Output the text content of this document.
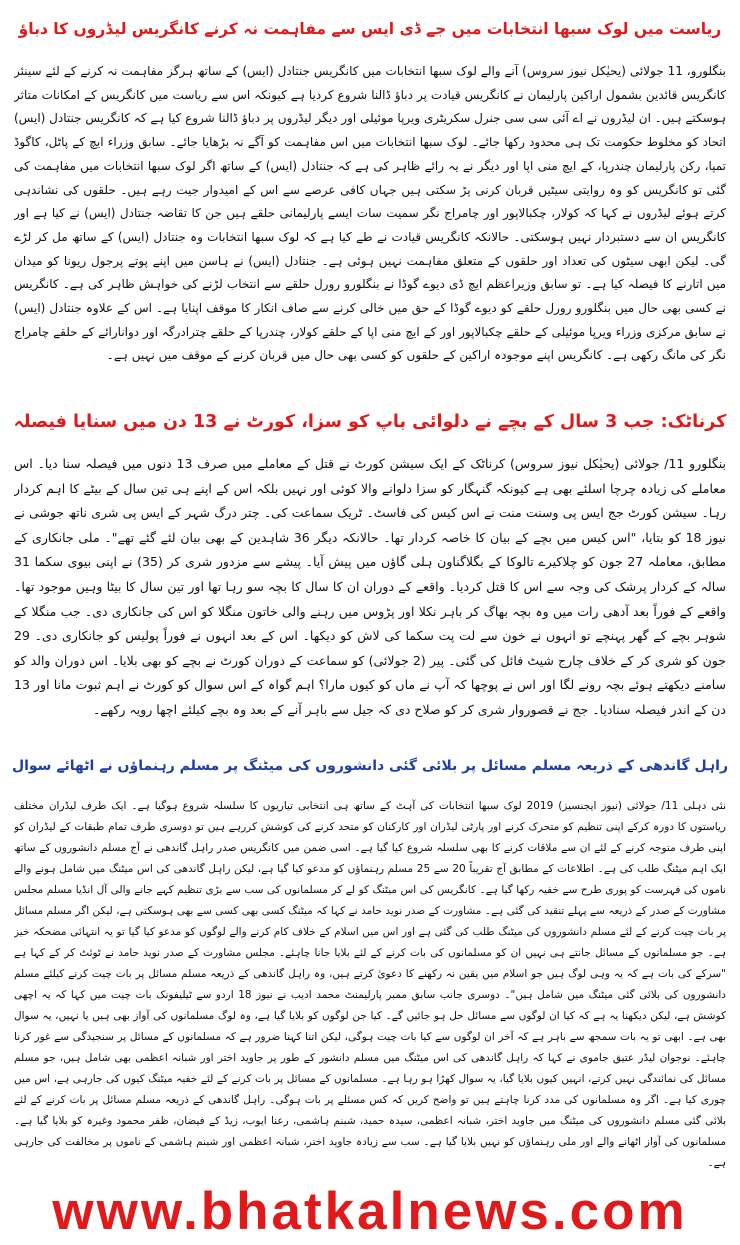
ریاست میں لوک سبھا انتخابات میں جے ڈی ایس سے مفاہمت نہ کرنے کانگریس لیڈروں کا دباؤ

بنگلورو، 11 جولائی (یحیٰکل نیوز سروس) آنے والے لوک سبھا انتخابات میں کانگریس جنتادل (ایس) کے ساتھ ہرگز مفاہمت نہ کرنے کے لئے سینئر کانگریس قائدین بشمول اراکین پارلیمان نے کانگریس قیادت پر دباؤ ڈالنا شروع کردیا ہے کیونکہ اس سے ریاست میں کانگریس کے امکانات متاثر ہوسکتے ہیں۔ ان لیڈروں نے اے آئی سی سی جنرل سکریٹری ویرپا موئیلی اور دیگر لیڈروں پر دباؤ ڈالنا شروع کیا ہے کہ کانگریس جنتادل (ایس) اتحاد کو مخلوط حکومت تک ہی محدود رکھا جائے۔ لوک سبھا انتخابات میں اس مفاہمت کو آگے نہ بڑھایا جائے۔ سابق وزراء ایچ کے پاٹل، کاگوڈ تمپا، رکن پارلیمان چندرپا، کے ایچ منی اپا اور دیگر نے یہ رائے ظاہر کی ہے کہ جنتادل (ایس) کے ساتھ اگر لوک سبھا انتخابات میں مفاہمت کی گئی تو کانگریس کو وہ روایتی سیٹیں قربان کرنی پڑ سکتی ہیں جہاں کافی عرصے سے اس کے امیدوار جیت رہے ہیں۔ حلقوں کی نشاندہی کرتے ہوئے لیڈروں نے کہا کہ کولار، چکبالاپور اور چامراج نگر سمیت سات ایسے پارلیمانی حلقے ہیں جن کا تقاضہ جنتادل (ایس) نے کیا ہے اور کانگریس ان سے دستبردار نہیں ہوسکتی۔ حالانکہ کانگریس قیادت نے طے کیا ہے کہ لوک سبھا انتخابات وہ جنتادل (ایس) کے ساتھ مل کر لڑے گی۔ لیکن ابھی سیٹوں کی تعداد اور حلقوں کے متعلق مفاہمت نہیں ہوئی ہے۔ جنتادل (ایس) نے ہاسن میں اپنے پوتے پرجول ریونا کو میدان میں اتارنے کا فیصلہ کیا ہے۔ تو سابق وزیراعظم ایچ ڈی دیوے گوڈا نے بنگلورو رورل حلقے سے انتخاب لڑنے کی خواہش ظاہر کی ہے۔ کانگریس نے کسی بھی حال میں بنگلورو رورل حلقے کو دیوے گوڈا کے حق میں خالی کرنے سے صاف انکار کا موقف اپنایا ہے۔ اس کے علاوہ جنتادل (ایس) نے سابق مرکزی وزراء ویرپا موئیلی کے حلقے چکبالاپور اور کے ایچ منی اپا کے حلقے کولار، چندرپا کے حلقے چترادرگہ اور دوانارائے کے حلقے چامراج نگر کی مانگ رکھی ہے۔ کانگریس اپنے موجودہ اراکین کے حلقوں کو کسی بھی حال میں قربان کرنے کے موقف میں نہیں ہے۔

کرناٹک: جب 3 سال کے بچے نے دلوائی باپ کو سزا، کورٹ نے 13 دن میں سنایا فیصلہ

بنگلورو 11/ جولائی (یحیٰکل نیوز سروس) کرناٹک کے ایک سیشن کورٹ نے قتل کے معاملے میں صرف 13 دنوں میں فیصلہ سنا دیا۔ اس معاملے کی زیادہ چرچا اسلئے بھی ہے کیونکہ گنہگار کو سزا دلوانے والا کوئی اور نہیں بلکہ اس کے اپنے ہی تین سال کے بیٹے کا اہم کردار رہا۔ سیشن کورٹ جج ایس پی وسنت منت نے اس کیس کی فاسٹ۔ ٹریک سماعت کی۔ چتر درگ شہر کے ایس پی شری ناتھ جوشی نے نیوز 18 کو بتایا، "اس کیس میں بچے کے بیان کا خاصہ کردار تھا۔ حالانکہ دیگر 36 شاہدین کے بھی بیان لئے گئے تھے"۔ ملی جانکاری کے مطابق، معاملہ 27 جون کو چلاکیرے تالوکا کے بگلاگناون ہلی گاؤں میں پیش آیا۔ پیشے سے مزدور شری کر (35) نے اپنی بیوی سکما 31 سالہ کے کردار پرشک کی وجہ سے اس کا قتل کردیا۔ واقعے کے دوران ان کا سال کا بچہ سو رہا تھا اور تین سال کا بیٹا وہیں موجود تھا۔ واقعے کے فوراً بعد آدھی رات میں وہ بچہ بھاگ کر باہر نکلا اور پڑوس میں رہنے والی خاتون منگلا کو اس کی جانکاری دی۔ جب منگلا کے شوہر بچے کے گھر پہنچے تو انہوں نے خون سے لت پت سکما کی لاش کو دیکھا۔ اس کے بعد انہوں نے فوراً پولیس کو جانکاری دی۔ 29 جون کو شری کر کے خلاف چارج شیٹ فائل کی گئی۔ پیر (2 جولائی) کو سماعت کے دوران کورٹ نے بچے کو بھی بلایا۔ اس دوران والد کو سامنے دیکھتے ہوئے بچہ رونے لگا اور اس نے پوچھا کہ آپ نے ماں کو کیوں مارا؟ اہم گواہ کے اس سوال کو کورٹ نے اہم ثبوت مانا اور 13 دن کے اندر فیصلہ سنادیا۔ جج نے قصوروار شری کر کو صلاح دی کہ جیل سے باہر آنے کے بعد وہ بچے کیلئے اچھا رویہ رکھے۔

راہل گاندھی کے ذریعہ مسلم مسائل پر بلائی گئی دانشوروں کی میٹنگ پر مسلم رہنماؤں نے اٹھائے سوال

نئی دہلی 11/ جولائی (نیوز ایجنسیز) 2019 لوک سبھا انتخابات کی آہٹ کے ساتھ ہی انتخابی تیاریوں کا سلسلہ شروع ہوگیا ہے۔ ایک طرف لیڈران مختلف ریاستوں کا دورہ کرکے اپنی تنظیم کو متحرک کرنے اور پارٹی لیڈران اور کارکنان کو متحد کرنے کی کوشش کررہے ہیں تو دوسری طرف تمام طبقات کے لیڈران کو اپنی طرف متوجہ کرنے کے لئے ان سے ملاقات کرنے کا بھی سلسلہ شروع کیا گیا ہے۔ اسی ضمن میں کانگریس صدر راہل گاندھی نے آج مسلم دانشوروں کے ساتھ ایک اہم میٹنگ طلب کی ہے۔ اطلاعات کے مطابق آج تقریباً 20 سے 25 مسلم رہنماؤں کو مدعو کیا گیا ہے، لیکن راہل گاندھی کی اس میٹنگ میں شامل ہونے والے ناموں کی فہرست کو پوری طرح سے خفیہ رکھا گیا ہے۔ کانگریس کی اس میٹنگ کو لے کر مسلمانوں کی سب سے بڑی تنظیم کہے جانے والی آل انڈیا مسلم مجلس مشاورت کے صدر کے ذریعہ سے پہلے تنقید کی گئی ہے۔ مشاورت کے صدر نوید حامد نے کہا کہ میٹنگ کسی بھی کسی سے بھی ہوسکتی ہے، لیکن اگر مسلم مسائل پر بات چیت کرنے کے لئے مسلم دانشوروں کی میٹنگ طلب کی گئی ہے اور اس میں اسلام کے خلاف کام کرنے والے لوگوں کو مدعو کیا گیا تو یہ انتہائی مضحکہ خیز ہے۔ جو مسلمانوں کے مسائل جانتے ہی نہیں ان کو مسلمانوں کی بات کرنے کے لئے بلایا جانا چاہئے۔ مجلس مشاورت کے صدر نوید حامد نے ٹوئٹ کر کے کہا ہے "سرکے کی بات ہے کہ یہ وہی لوگ ہیں جو اسلام میں یقین نہ رکھنے کا دعویٰ کرتے ہیں، وہ راہل گاندھی کے ذریعہ مسلم مسائل پر بات چیت کرنے کیلئے مسلم دانشوروں کی بلائی گئی میٹنگ میں شامل ہیں"۔ دوسری جانب سابق ممبر پارلیمنٹ محمد ادیب نے نیوز 18 اردو سے ٹیلیفونک بات چیت میں کہا کہ یہ اچھی کوشش ہے، لیکن دیکھنا یہ ہے کہ کیا ان لوگوں سے مسائل حل ہو جائیں گے۔ کیا جن لوگوں کو بلایا گیا ہے، وہ لوگ مسلمانوں کی آواز بھی ہیں یا نہیں، یہ سوال بھی ہے۔ ابھی تو یہ بات سمجھ سے باہر ہے کہ آخر ان لوگوں سے کیا بات چیت ہوگی، لیکن اتنا کہنا ضرور ہے کہ مسلمانوں کے مسائل پر سنجیدگی سے غور کرنا چاہئے۔ نوجوان لیڈر عتیق جاموی نے کہا کہ راہل گاندھی کی اس میٹنگ میں مسلم دانشور کے طور پر جاوید اختر اور شبانہ اعظمی بھی شامل ہیں، جو مسلم مسائل کی نمائندگی نہیں کرتے، انہیں کیوں بلایا گیا، یہ سوال کھڑا ہو رہا ہے۔ مسلمانوں کے مسائل پر بات کرنے کے لئے خفیہ میٹنگ کیوں کی جارہی ہے، اس میں چوری کیا ہے۔ اگر وہ مسلمانوں کی مدد کرنا چاہتے ہیں تو واضح کریں کہ کس مسئلے پر بات ہوگی۔ راہل گاندھی کے ذریعہ مسلم مسائل پر بات کرنے کے لئے بلائی گئی مسلم دانشوروں کی میٹنگ میں جاوید اختر، شبانہ اعظمی، سیدہ حمید، شبنم ہاشمی، رعنا ایوب، زیڈ کے فیضان، ظفر محمود وغیرہ کو بلایا گیا ہے۔ مسلمانوں کی آواز اٹھانے والے اور ملی رہنماؤں کو نہیں بلایا گیا ہے۔ سب سے زیادہ جاوید اختر، شبانہ اعظمی اور شبنم ہاشمی کے ناموں پر مخالفت کی جارہی ہے۔

www.bhatkalnews.com
